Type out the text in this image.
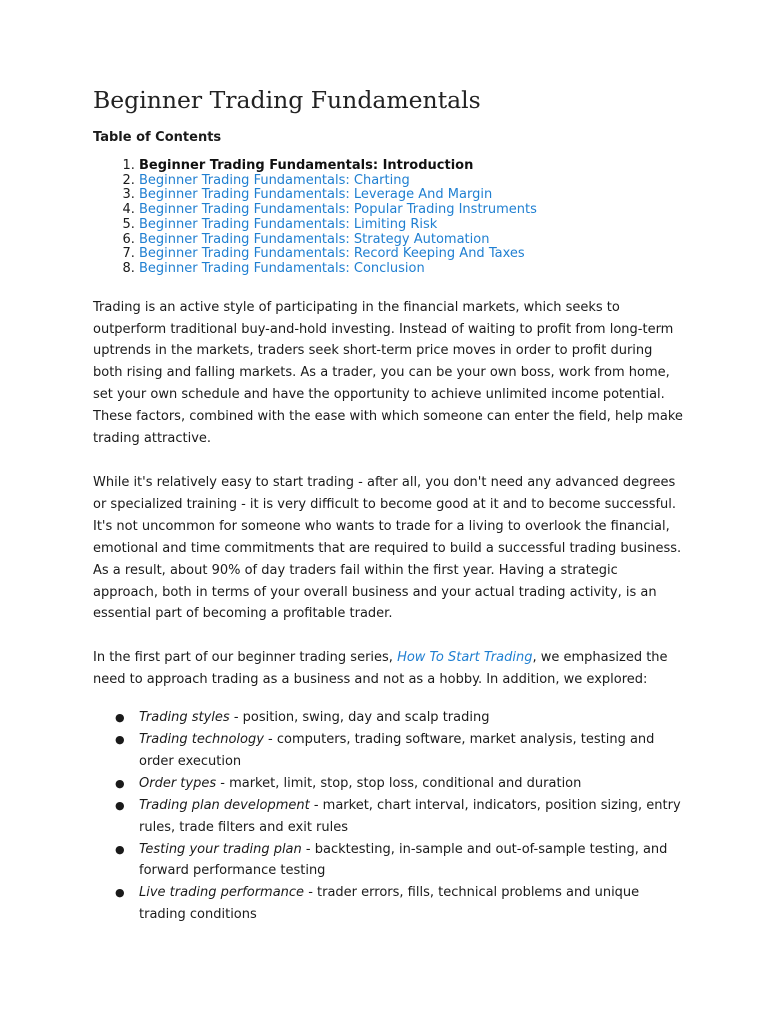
Beginner Trading Fundamentals
Table of Contents
1. Beginner Trading Fundamentals: Introduction
2. Beginner Trading Fundamentals: Charting
3. Beginner Trading Fundamentals: Leverage And Margin
4. Beginner Trading Fundamentals: Popular Trading Instruments
5. Beginner Trading Fundamentals: Limiting Risk
6. Beginner Trading Fundamentals: Strategy Automation
7. Beginner Trading Fundamentals: Record Keeping And Taxes
8. Beginner Trading Fundamentals: Conclusion

Trading is an active style of participating in the financial markets, which seeks to outperform traditional buy-and-hold investing. Instead of waiting to profit from long-term uptrends in the markets, traders seek short-term price moves in order to profit during both rising and falling markets. As a trader, you can be your own boss, work from home, set your own schedule and have the opportunity to achieve unlimited income potential. These factors, combined with the ease with which someone can enter the field, help make trading attractive.

While it's relatively easy to start trading - after all, you don't need any advanced degrees or specialized training - it is very difficult to become good at it and to become successful. It's not uncommon for someone who wants to trade for a living to overlook the financial, emotional and time commitments that are required to build a successful trading business. As a result, about 90% of day traders fail within the first year. Having a strategic approach, both in terms of your overall business and your actual trading activity, is an essential part of becoming a profitable trader.

In the first part of our beginner trading series, How To Start Trading, we emphasized the need to approach trading as a business and not as a hobby. In addition, we explored:

● Trading styles - position, swing, day and scalp trading
● Trading technology - computers, trading software, market analysis, testing and order execution
● Order types - market, limit, stop, stop loss, conditional and duration
● Trading plan development - market, chart interval, indicators, position sizing, entry rules, trade filters and exit rules
● Testing your trading plan - backtesting, in-sample and out-of-sample testing, and forward performance testing
● Live trading performance - trader errors, fills, technical problems and unique trading conditions
